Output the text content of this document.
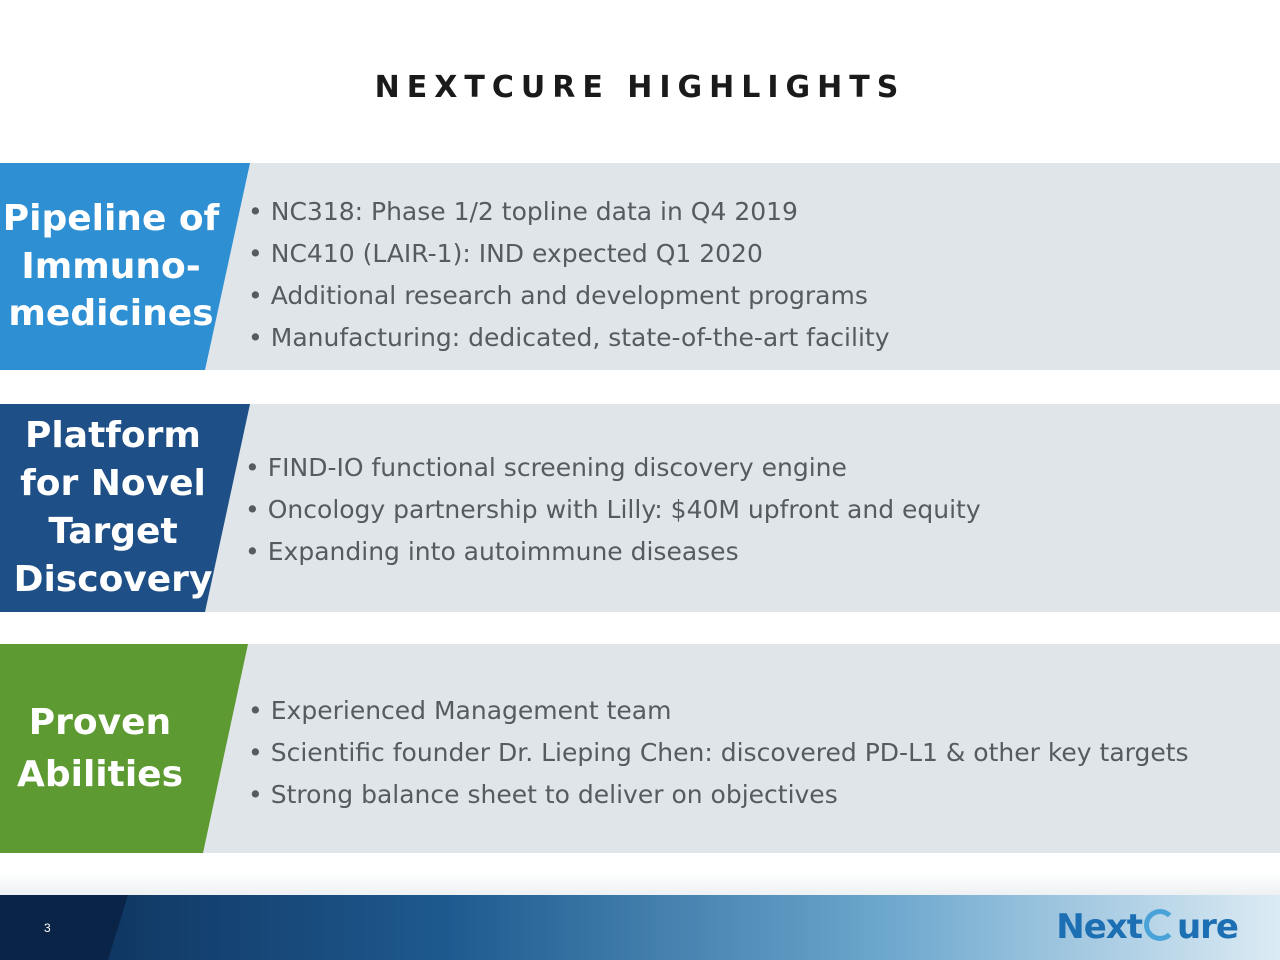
NEXTCURE HIGHLIGHTS
Pipeline of
Immuno-
medicines
• NC318: Phase 1/2 topline data in Q4 2019
• NC410 (LAIR-1): IND expected Q1 2020
• Additional research and development programs
• Manufacturing: dedicated, state-of-the-art facility
Platform
for Novel
Target
Discovery
• FIND-IO functional screening discovery engine
• Oncology partnership with Lilly: $40M upfront and equity
• Expanding into autoimmune diseases
Proven
Abilities
• Experienced Management team
• Scientific founder Dr. Lieping Chen: discovered PD-L1 & other key targets
• Strong balance sheet to deliver on objectives
3	Next ure
